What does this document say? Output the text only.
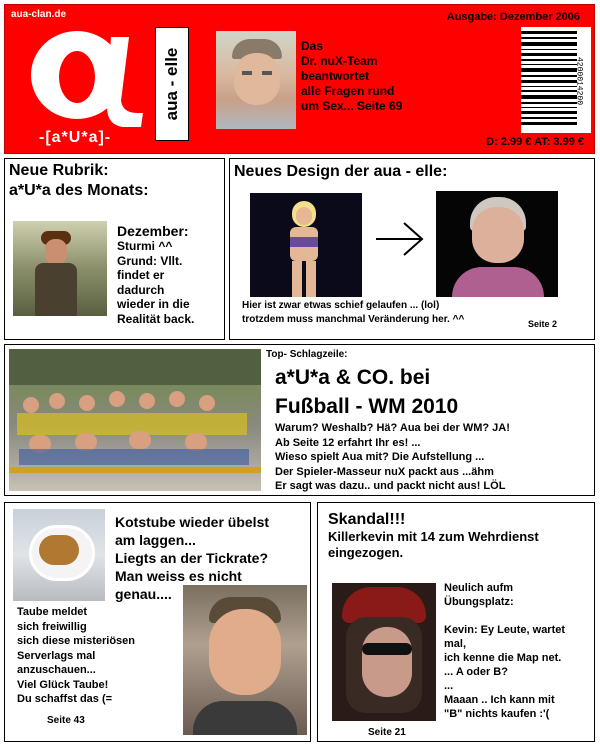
aua-clan.de
-[a*U*a]-
aua - elle
Das
Dr. nuX-Team
beantwortet
alle Fragen rund
um Sex... Seite 69
Ausgabe: Dezember 2006
4200014200
D: 2.99 € AT: 3.99 €
Neue Rubrik:
a*U*a des Monats:
Dezember:
Sturmi ^^
Grund: Vllt.
findet er
dadurch
wieder in die
Realität back.
Neues Design der aua - elle:
Hier ist zwar etwas schief gelaufen ... (lol)
trotzdem muss manchmal Veränderung her. ^^	Seite 2
Top- Schlagzeile:
a*U*a & CO. bei
Fußball - WM 2010
Warum? Weshalb? Hä? Aua bei der WM? JA!
Ab Seite 12 erfahrt Ihr es! ...
Wieso spielt Aua mit? Die Aufstellung ...
Der Spieler-Masseur nuX packt aus ...ähm
Er sagt was dazu.. und packt nicht aus! LÖL
Kotstube wieder übelst
am laggen...
Liegts an der Tickrate?
Man weiss es nicht
genau....
Taube meldet
sich freiwillig
sich diese misteriösen
Serverlags mal
anzuschauen...
Viel Glück Taube!
Du schaffst das (=
Seite 43
Skandal!!!
Killerkevin mit 14 zum Wehrdienst
eingezogen.
Neulich aufm
Übungsplatz:

Kevin: Ey Leute, wartet
mal,
ich kenne die Map net.
... A oder B?
...
Maaan .. Ich kann mit
"B" nichts kaufen :'(
Seite 21
